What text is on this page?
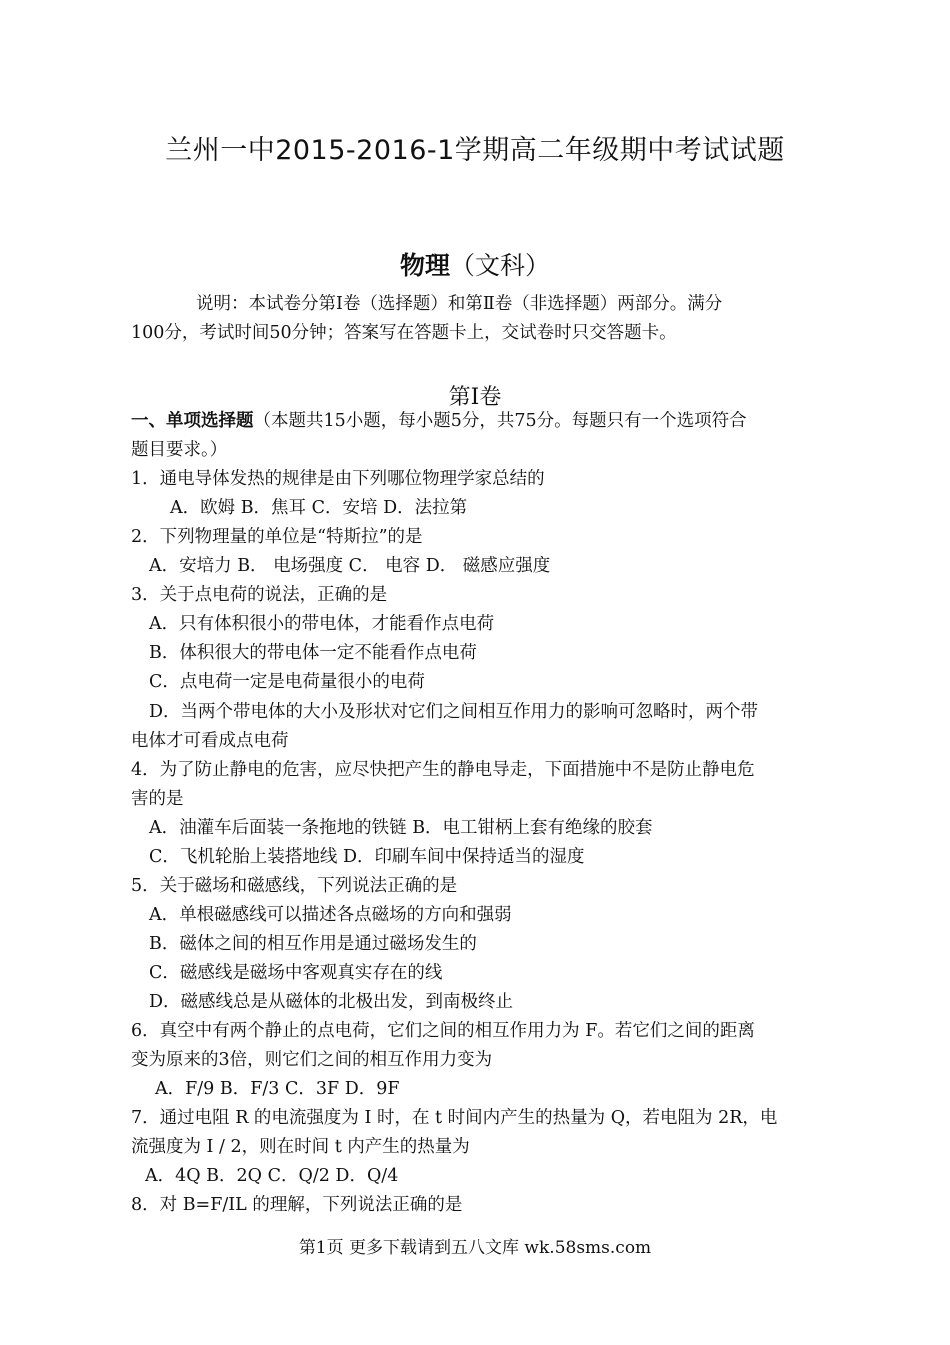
兰州一中2015-2016-1学期高二年级期中考试试题
物理（文科）
说明：本试卷分第Ⅰ卷（选择题）和第Ⅱ卷（非选择题）两部分。满分
100分，考试时间50分钟；答案写在答题卡上，交试卷时只交答题卡。
第Ⅰ卷
一、单项选择题（本题共15小题，每小题5分，共75分。每题只有一个选项符合
题目要求。）
1．通电导体发热的规律是由下列哪位物理学家总结的
A．欧姆 B．焦耳 C．安培 D．法拉第
2．下列物理量的单位是“特斯拉”的是
A．安培力 B． 电场强度 C． 电容 D． 磁感应强度
3．关于点电荷的说法，正确的是
A．只有体积很小的带电体，才能看作点电荷
B．体积很大的带电体一定不能看作点电荷
C．点电荷一定是电荷量很小的电荷
D．当两个带电体的大小及形状对它们之间相互作用力的影响可忽略时，两个带
电体才可看成点电荷
4．为了防止静电的危害，应尽快把产生的静电导走，下面措施中不是防止静电危
害的是
A．油灌车后面装一条拖地的铁链 B．电工钳柄上套有绝缘的胶套
C．飞机轮胎上装搭地线 D．印刷车间中保持适当的湿度
5．关于磁场和磁感线，下列说法正确的是
A．单根磁感线可以描述各点磁场的方向和强弱
B．磁体之间的相互作用是通过磁场发生的
C．磁感线是磁场中客观真实存在的线
D．磁感线总是从磁体的北极出发，到南极终止
6．真空中有两个静止的点电荷，它们之间的相互作用力为 F。若它们之间的距离
变为原来的3倍，则它们之间的相互作用力变为
A．F/9 B．F/3 C．3F D．9F
7．通过电阻 R 的电流强度为 I 时，在 t 时间内产生的热量为 Q，若电阻为 2R，电
流强度为 I / 2，则在时间 t 内产生的热量为
A．4Q B．2Q C．Q/2 D．Q/4
8．对 B=F/IL 的理解，下列说法正确的是
第1页 更多下载请到五八文库 wk.58sms.com
